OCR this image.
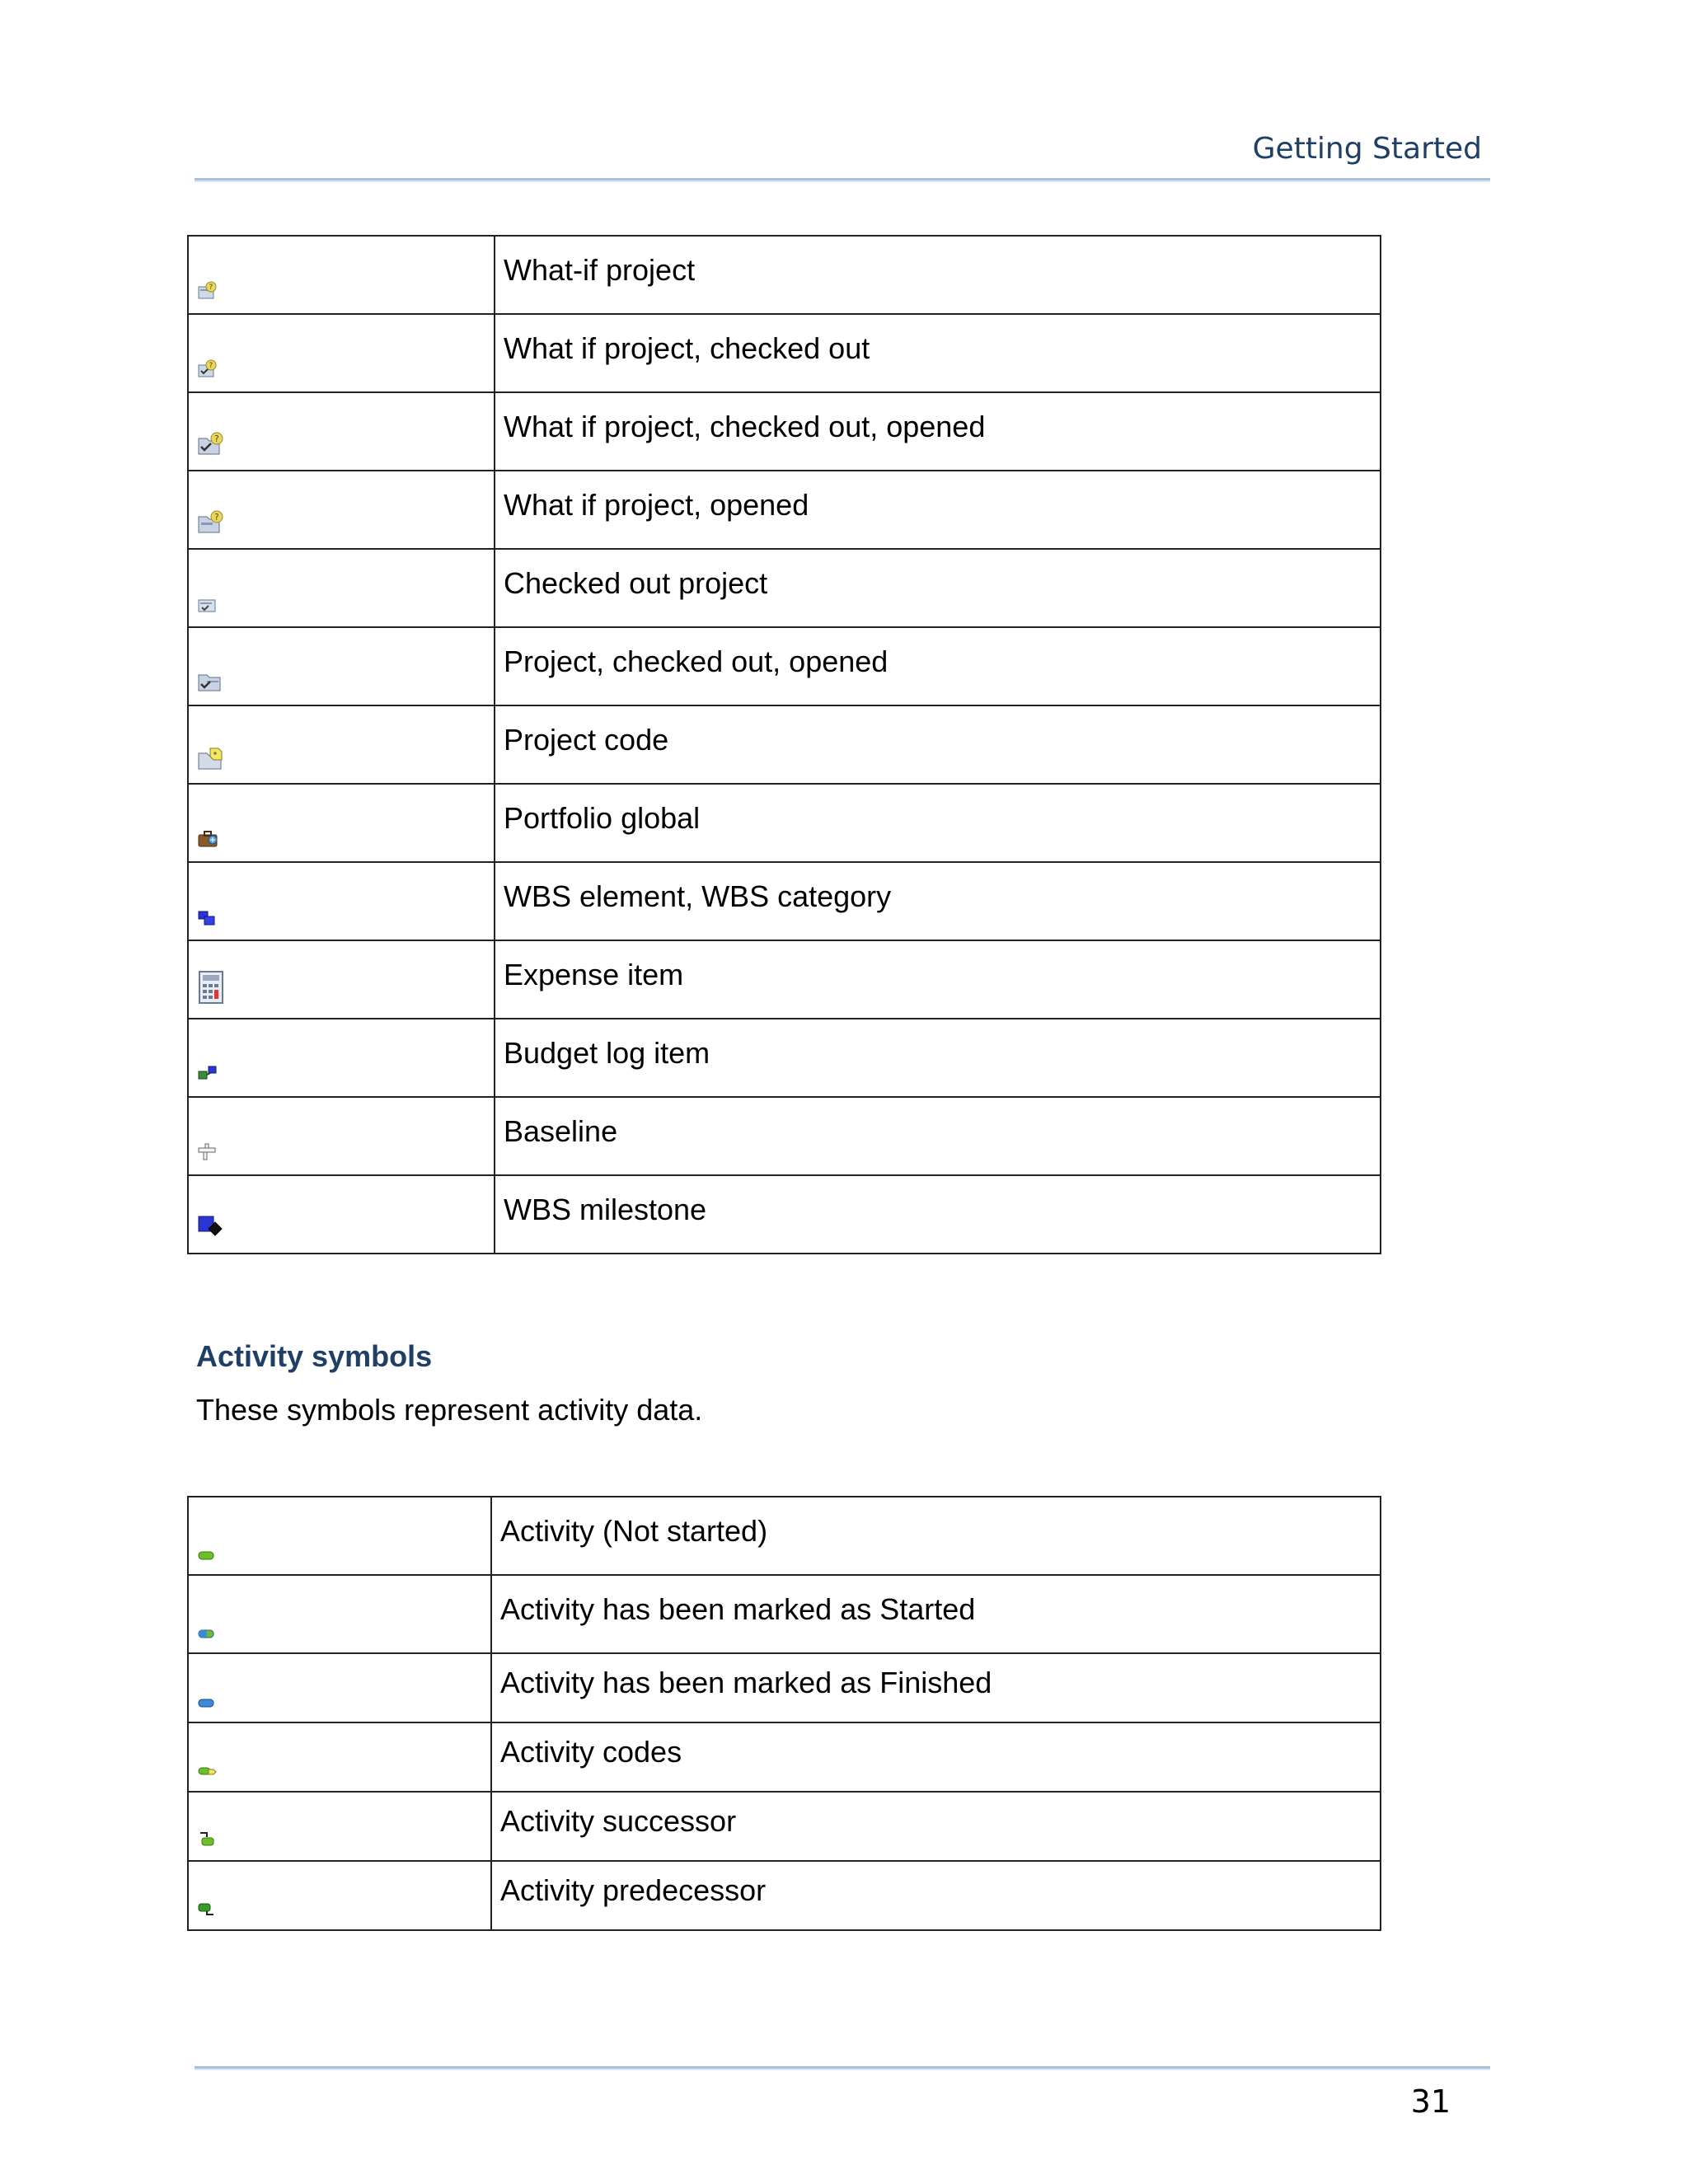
Getting Started
?	What-if project

?	What if project, checked out

?	What if project, checked out, opened

?	What if project, opened

	Checked out project

	Project, checked out, opened

	Project code

	Portfolio global

	WBS element, WBS category

	Expense item

	Budget log item

	Baseline

	WBS milestone
Activity symbols
These symbols represent activity data.
	Activity (Not started)

	Activity has been marked as Started

	Activity has been marked as Finished

	Activity codes

	Activity successor

	Activity predecessor
31
